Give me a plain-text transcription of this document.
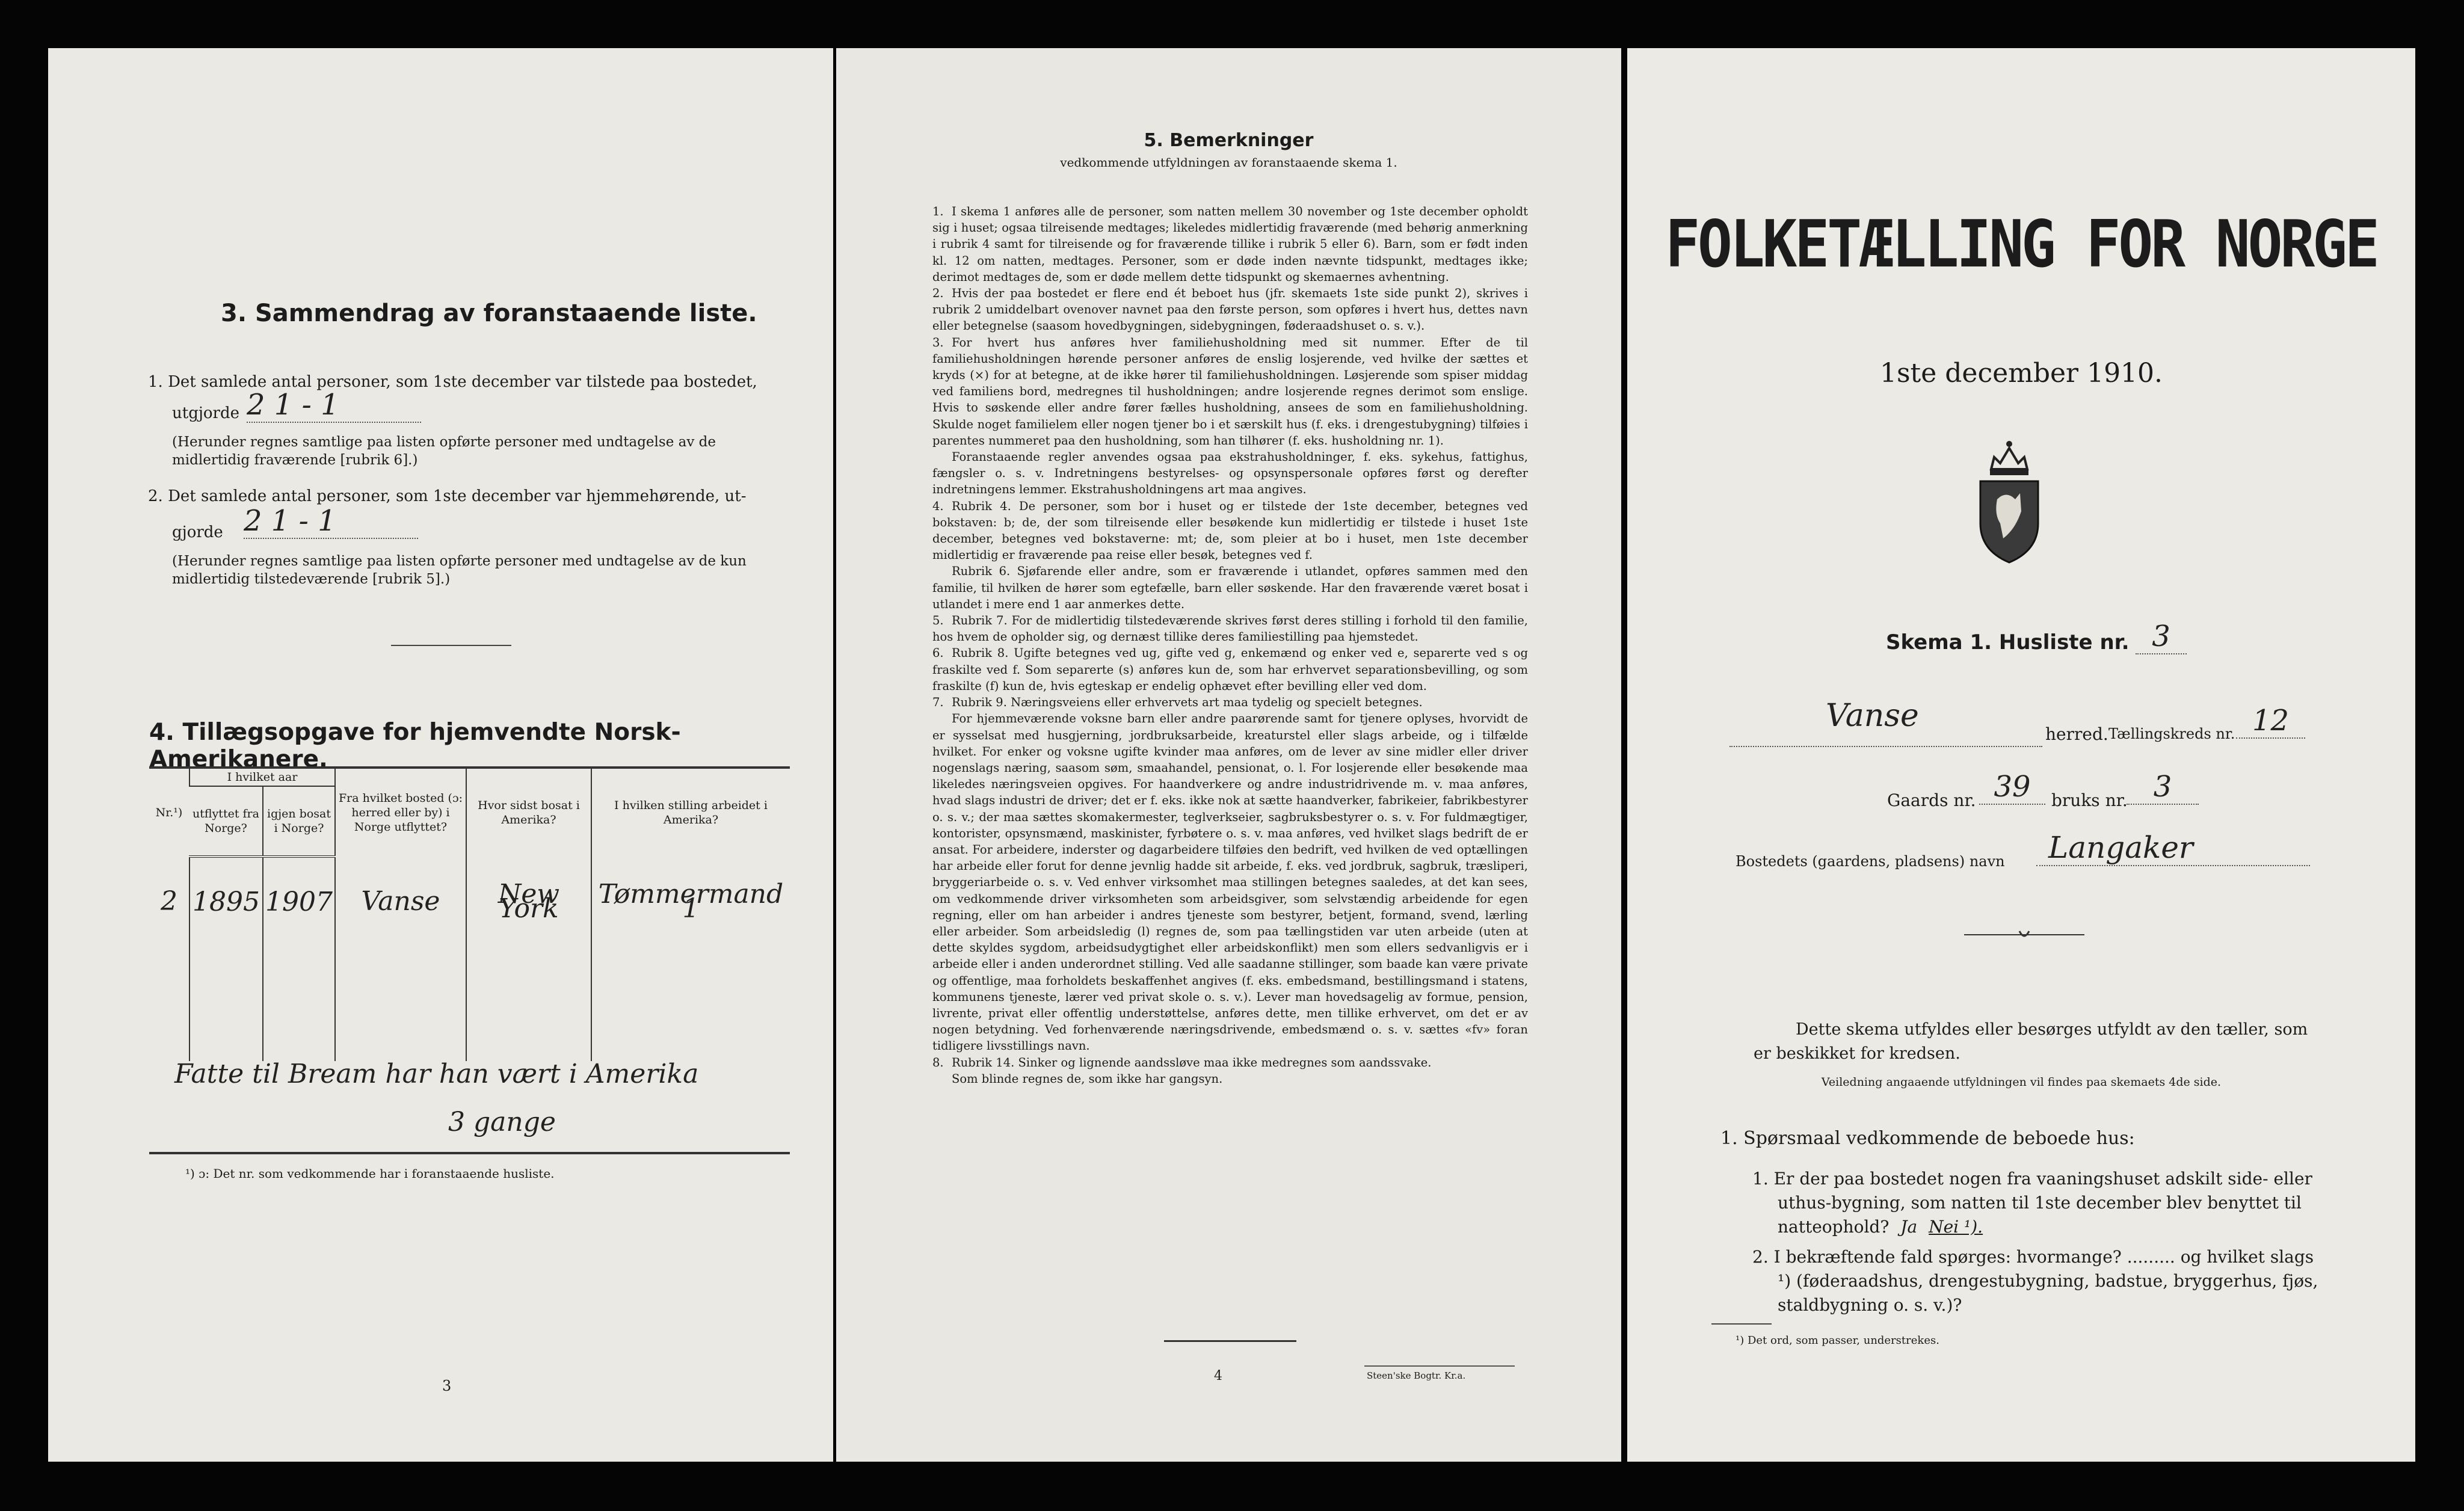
3. Sammendrag av foranstaaende liste.
1. Det samlede antal personer, som 1ste december var tilstede paa bostedet,
utgjorde 2 1 - 1
(Herunder regnes samtlige paa listen opførte personer med undtagelse av de midlertidig fraværende [rubrik 6].)
2. Det samlede antal personer, som 1ste december var hjemmehørende, ut-
gjorde 2 1 - 1
(Herunder regnes samtlige paa listen opførte personer med undtagelse av de kun midlertidig tilstedeværende [rubrik 5].)
4. Tillægsopgave for hjemvendte Norsk-Amerikanere.
Nr.¹)	I hvilket aar		Fra hvilket bosted (ɔ: herred eller by) i Norge utflyttet?	Hvor sidst bosat i Amerika?	I hvilken stilling arbeidet i Amerika?
	utflyttet fra Norge?	igjen bosat i Norge?			
2	1895	1907	Vanse	New York	Tømmermand 1

Fatte til Bream har han vært i Amerika
3 gange
¹) ɔ: Det nr. som vedkommende har i foranstaaende husliste.
3
5. Bemerkninger
vedkommende utfyldningen av foranstaaende skema 1.

1. I skema 1 anføres alle de personer, som natten mellem 30 november og 1ste december opholdt sig i huset; ogsaa tilreisende medtages; likeledes midlertidig fraværende (med behørig anmerkning i rubrik 4 samt for tilreisende og for fraværende tillike i rubrik 5 eller 6). Barn, som er født inden kl. 12 om natten, medtages. Personer, som er døde inden nævnte tidspunkt, medtages ikke; derimot medtages de, som er døde mellem dette tidspunkt og skemaernes avhentning.

2. Hvis der paa bostedet er flere end ét beboet hus (jfr. skemaets 1ste side punkt 2), skrives i rubrik 2 umiddelbart ovenover navnet paa den første person, som opføres i hvert hus, dettes navn eller betegnelse (saasom hovedbygningen, sidebygningen, føderaadshuset o. s. v.).

3. For hvert hus anføres hver familiehusholdning med sit nummer. Efter de til familiehusholdningen hørende personer anføres de enslig losjerende, ved hvilke der sættes et kryds (×) for at betegne, at de ikke hører til familiehusholdningen. Løsjerende som spiser middag ved familiens bord, medregnes til husholdningen; andre losjerende regnes derimot som enslige. Hvis to søskende eller andre fører fælles husholdning, ansees de som en familiehusholdning. Skulde noget familielem eller nogen tjener bo i et særskilt hus (f. eks. i drengestubygning) tilføies i parentes nummeret paa den husholdning, som han tilhører (f. eks. husholdning nr. 1).
Foranstaaende regler anvendes ogsaa paa ekstrahusholdninger, f. eks. sykehus, fattighus, fængsler o. s. v. Indretningens bestyrelses- og opsynspersonale opføres først og derefter indretningens lemmer. Ekstrahusholdningens art maa angives.

4. Rubrik 4. De personer, som bor i huset og er tilstede der 1ste december, betegnes ved bokstaven: b; de, der som tilreisende eller besøkende kun midlertidig er tilstede i huset 1ste december, betegnes ved bokstaverne: mt; de, som pleier at bo i huset, men 1ste december midlertidig er fraværende paa reise eller besøk, betegnes ved f.
Rubrik 6. Sjøfarende eller andre, som er fraværende i utlandet, opføres sammen med den familie, til hvilken de hører som egtefælle, barn eller søskende. Har den fraværende været bosat i utlandet i mere end 1 aar anmerkes dette.

5. Rubrik 7. For de midlertidig tilstedeværende skrives først deres stilling i forhold til den familie, hos hvem de opholder sig, og dernæst tillike deres familiestilling paa hjemstedet.

6. Rubrik 8. Ugifte betegnes ved ug, gifte ved g, enkemænd og enker ved e, separerte ved s og fraskilte ved f. Som separerte (s) anføres kun de, som har erhvervet separationsbevilling, og som fraskilte (f) kun de, hvis egteskap er endelig ophævet efter bevilling eller ved dom.

7. Rubrik 9. Næringsveiens eller erhvervets art maa tydelig og specielt betegnes.
For hjemmeværende voksne barn eller andre paarørende samt for tjenere oplyses, hvorvidt de er sysselsat med husgjerning, jordbruksarbeide, kreaturstel eller slags arbeide, og i tilfælde hvilket. For enker og voksne ugifte kvinder maa anføres, om de lever av sine midler eller driver nogenslags næring, saasom søm, smaahandel, pensionat, o. l. For losjerende eller besøkende maa likeledes næringsveien opgives. For haandverkere og andre industridrivende m. v. maa anføres, hvad slags industri de driver; det er f. eks. ikke nok at sætte haandverker, fabrikeier, fabrikbestyrer o. s. v.; der maa sættes skomakermester, teglverkseier, sagbruksbestyrer o. s. v. For fuldmægtiger, kontorister, opsynsmænd, maskinister, fyrbøtere o. s. v. maa anføres, ved hvilket slags bedrift de er ansat. For arbeidere, inderster og dagarbeidere tilføies den bedrift, ved hvilken de ved optællingen har arbeide eller forut for denne jevnlig hadde sit arbeide, f. eks. ved jordbruk, sagbruk, træsliperi, bryggeriarbeide o. s. v. Ved enhver virksomhet maa stillingen betegnes saaledes, at det kan sees, om vedkommende driver virksomheten som arbeidsgiver, som selvstændig arbeidende for egen regning, eller om han arbeider i andres tjeneste som bestyrer, betjent, formand, svend, lærling eller arbeider. Som arbeidsledig (l) regnes de, som paa tællingstiden var uten arbeide (uten at dette skyldes sygdom, arbeidsudygtighet eller arbeidskonflikt) men som ellers sedvanligvis er i arbeide eller i anden underordnet stilling. Ved alle saadanne stillinger, som baade kan være private og offentlige, maa forholdets beskaffenhet angives (f. eks. embedsmand, bestillingsmand i statens, kommunens tjeneste, lærer ved privat skole o. s. v.). Lever man hovedsagelig av formue, pension, livrente, privat eller offentlig understøttelse, anføres dette, men tillike erhvervet, om det er av nogen betydning. Ved forhenværende næringsdrivende, embedsmænd o. s. v. sættes «fv» foran tidligere livsstillings navn.

8. Rubrik 14. Sinker og lignende aandssløve maa ikke medregnes som aandssvake.
Som blinde regnes de, som ikke har gangsyn.

4	Steen'ske Bogtr. Kr.a.
FOLKETÆLLING FOR NORGE
1ste december 1910.
Skema 1. Husliste nr. 3
Vanse
herred. Tællingskreds nr. 12
Gaards nr. 39	bruks nr. 3
Bostedets (gaardens, pladsens) navn	Langaker
Dette skema utfyldes eller besørges utfyldt av den tæller, som er beskikket for kredsen.
Veiledning angaaende utfyldningen vil findes paa skemaets 4de side.
1. Spørsmaal vedkommende de beboede hus:
1. Er der paa bostedet nogen fra vaaningshuset adskilt side- eller uthus-bygning, som natten til 1ste december blev benyttet til natteophold? Ja Nei ¹).
2. I bekræftende fald spørges: hvormange? ......... og hvilket slags ¹) (føderaadshus, drengestubygning, badstue, bryggerhus, fjøs, staldbygning o. s. v.)?
¹) Det ord, som passer, understrekes.
